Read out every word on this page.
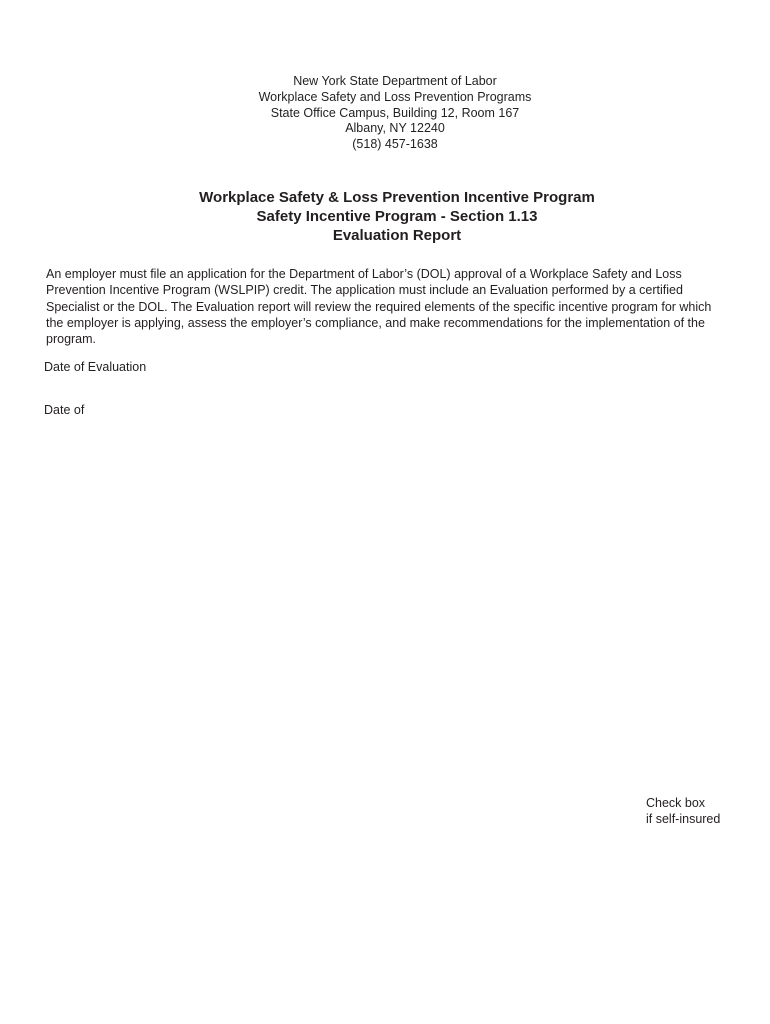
New York State Department of Labor
Workplace Safety and Loss Prevention Programs
State Office Campus, Building 12, Room 167
Albany, NY 12240
(518) 457-1638
Workplace Safety & Loss Prevention Incentive Program
Safety Incentive Program - Section 1.13
Evaluation Report
An employer must file an application for the Department of Labor’s (DOL) approval of a Workplace Safety and Loss
Prevention Incentive Program (WSLPIP) credit. The application must include an Evaluation performed by a certified
Specialist or the DOL. The Evaluation report will review the required elements of the specific incentive program for which
the employer is applying, assess the employer’s compliance, and make recommendations for the implementation of the
program.
Date of Evaluation
Date of
Check box
if self-insured
